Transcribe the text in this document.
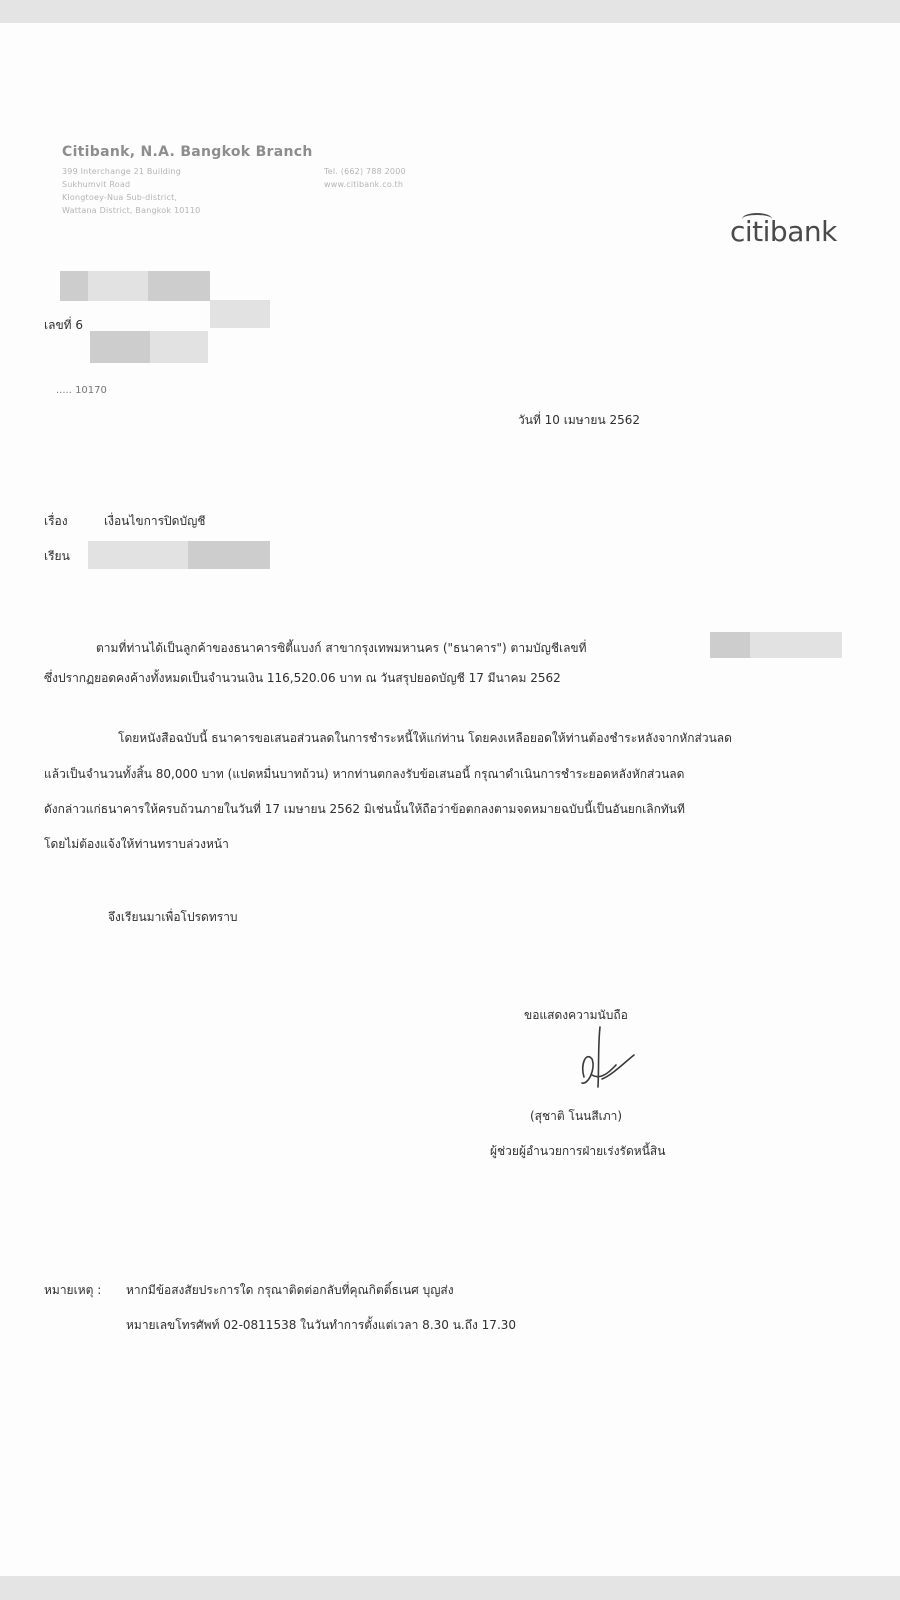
Citibank, N.A. Bangkok Branch
399 Interchange 21 Building
Sukhumvit Road
Klongtoey-Nua Sub-district,
Wattana District, Bangkok 10110
Tel. (662) 788 2000
www.citibank.co.th
citibank
เลขที่ 6
..... 10170
วันที่ 10 เมษายน 2562
เรื่อง	เงื่อนไขการปิดบัญชี
เรียน
ตามที่ท่านได้เป็นลูกค้าของธนาคารซิตี้แบงก์ สาขากรุงเทพมหานคร ("ธนาคาร") ตามบัญชีเลขที่
ซึ่งปรากฏยอดคงค้างทั้งหมดเป็นจำนวนเงิน 116,520.06 บาท ณ วันสรุปยอดบัญชี 17 มีนาคม 2562
โดยหนังสือฉบับนี้ ธนาคารขอเสนอส่วนลดในการชำระหนี้ให้แก่ท่าน โดยคงเหลือยอดให้ท่านต้องชำระหลังจากหักส่วนลด
แล้วเป็นจำนวนทั้งสิ้น 80,000 บาท (แปดหมื่นบาทถ้วน) หากท่านตกลงรับข้อเสนอนี้ กรุณาดำเนินการชำระยอดหลังหักส่วนลด
ดังกล่าวแก่ธนาคารให้ครบถ้วนภายในวันที่ 17 เมษายน 2562 มิเช่นนั้นให้ถือว่าข้อตกลงตามจดหมายฉบับนี้เป็นอันยกเลิกทันที
โดยไม่ต้องแจ้งให้ท่านทราบล่วงหน้า
จึงเรียนมาเพื่อโปรดทราบ
ขอแสดงความนับถือ
(สุชาติ โนนสีเภา)
ผู้ช่วยผู้อำนวยการฝ่ายเร่งรัดหนี้สิน
หมายเหตุ : หากมีข้อสงสัยประการใด กรุณาติดต่อกลับที่คุณกิตติ์ธเนศ บุญส่ง
หมายเลขโทรศัพท์ 02-0811538 ในวันทำการตั้งแต่เวลา 8.30 น.ถึง 17.30
